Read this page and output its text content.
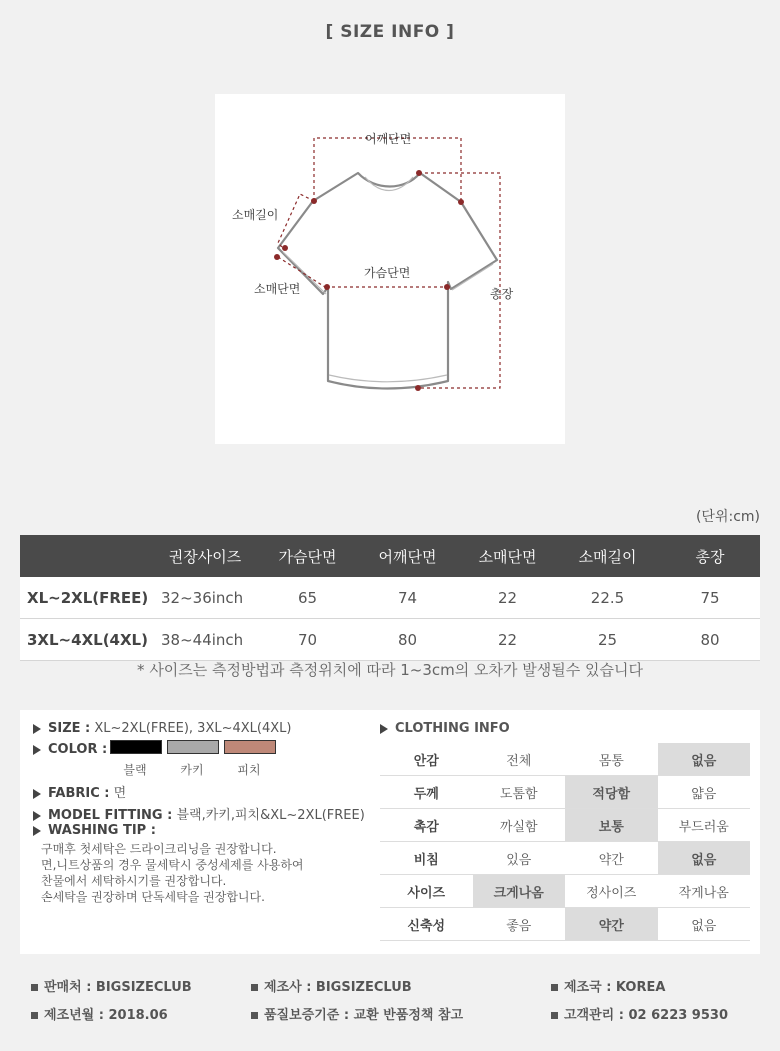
[ SIZE INFO ]
어깨단면
소매길이
가슴단면
소매단면	총장
(단위:cm)
	권장사이즈	가슴단면	어깨단면	소매단면	소매길이	총장
XL~2XL(FREE)	32~36inch	65	74	22	22.5	75
3XL~4XL(4XL)	38~44inch	70	80	22	25	80
* 사이즈는 측정방법과 측정위치에 따라 1~3cm의 오차가 발생될수 있습니다
SIZE : XL~2XL(FREE), 3XL~4XL(4XL)
COLOR :
블랙	카키	피치
FABRIC : 면
MODEL FITTING : 블랙,카키,피치&XL~2XL(FREE)
WASHING TIP :
구매후 첫세탁은 드라이크리닝을 권장합니다.
면,니트상품의 경우 물세탁시 중성세제를 사용하여
찬물에서 세탁하시기를 권장합니다.
손세탁을 권장하며 단독세탁을 권장합니다.
CLOTHING INFO
안감	전체	몸통	없음
두께	도톰함	적당함	얇음
촉감	까실함	보통	부드러움
비침	있음	약간	없음
사이즈	크게나옴	정사이즈	작게나옴
신축성	좋음	약간	없음
판매처 : BIGSIZECLUB	제조사 : BIGSIZECLUB	제조국 : KOREA
제조년월 : 2018.06	품질보증기준 : 교환 반품정책 참고	고객관리 : 02 6223 9530
